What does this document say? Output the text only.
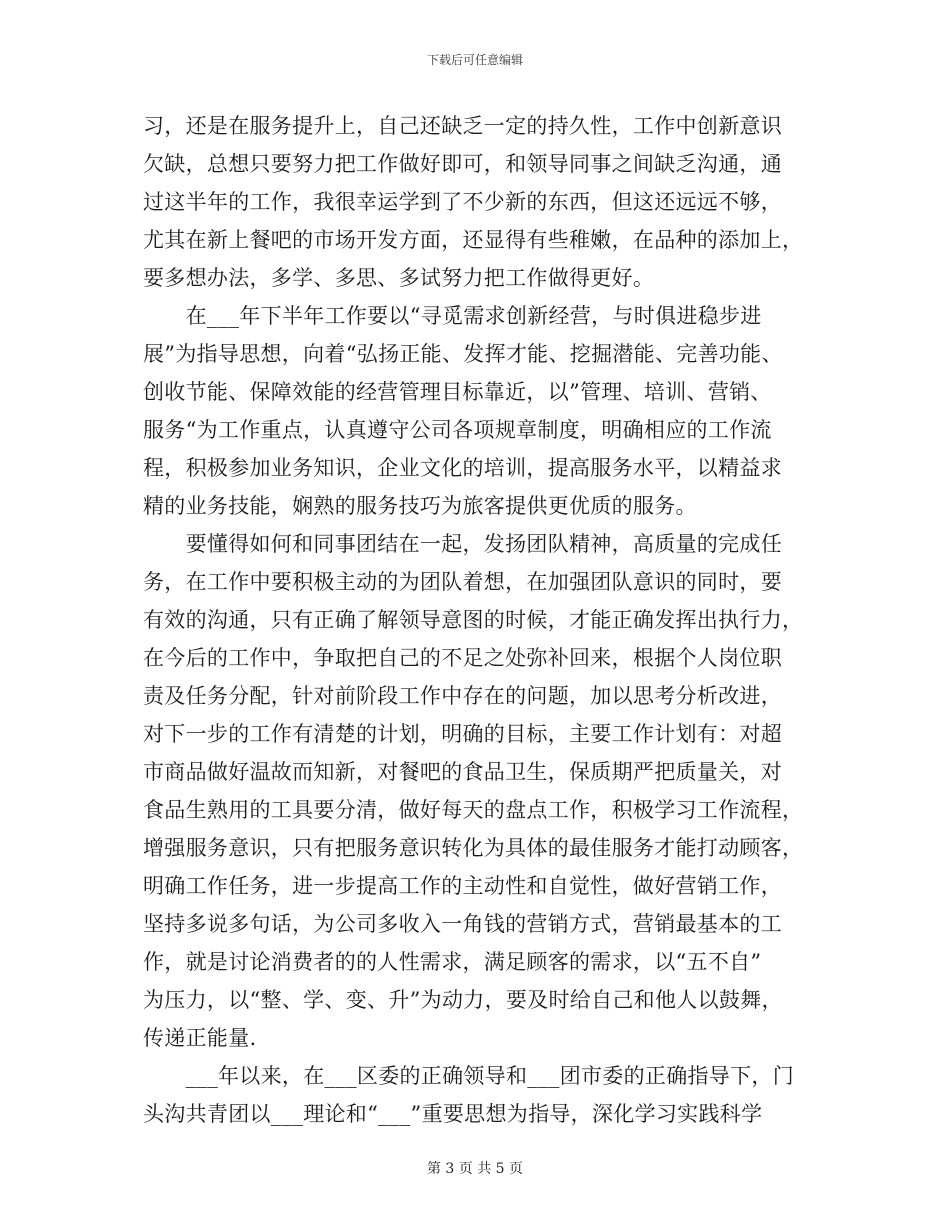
下载后可任意编辑
习，还是在服务提升上，自己还缺乏一定的持久性，工作中创新意识
欠缺，总想只要努力把工作做好即可，和领导同事之间缺乏沟通，通
过这半年的工作，我很幸运学到了不少新的东西，但这还远远不够，
尤其在新上餐吧的市场开发方面，还显得有些稚嫩，在品种的添加上，
要多想办法，多学、多思、多试努力把工作做得更好。
　　在___年下半年工作要以“寻觅需求创新经营，与时俱进稳步进
展”为指导思想，向着“弘扬正能、发挥才能、挖掘潜能、完善功能、
创收节能、保障效能的经营管理目标靠近，以”管理、培训、营销、
服务“为工作重点，认真遵守公司各项规章制度，明确相应的工作流
程，积极参加业务知识，企业文化的培训，提高服务水平，以精益求
精的业务技能，娴熟的服务技巧为旅客提供更优质的服务。
　　要懂得如何和同事团结在一起，发扬团队精神，高质量的完成任
务，在工作中要积极主动的为团队着想，在加强团队意识的同时，要
有效的沟通，只有正确了解领导意图的时候，才能正确发挥出执行力，
在今后的工作中，争取把自己的不足之处弥补回来，根据个人岗位职
责及任务分配，针对前阶段工作中存在的问题，加以思考分析改进，
对下一步的工作有清楚的计划，明确的目标，主要工作计划有：对超
市商品做好温故而知新，对餐吧的食品卫生，保质期严把质量关，对
食品生熟用的工具要分清，做好每天的盘点工作，积极学习工作流程，
增强服务意识，只有把服务意识转化为具体的最佳服务才能打动顾客，
明确工作任务，进一步提高工作的主动性和自觉性，做好营销工作，
坚持多说多句话，为公司多收入一角钱的营销方式，营销最基本的工
作，就是讨论消费者的的人性需求，满足顾客的需求，以“五不自”
为压力，以“整、学、变、升”为动力，要及时给自己和他人以鼓舞，
传递正能量.
　　___年以来，在___区委的正确领导和___团市委的正确指导下，门
头沟共青团以___理论和“___”重要思想为指导，深化学习实践科学
第 3 页 共 5 页
